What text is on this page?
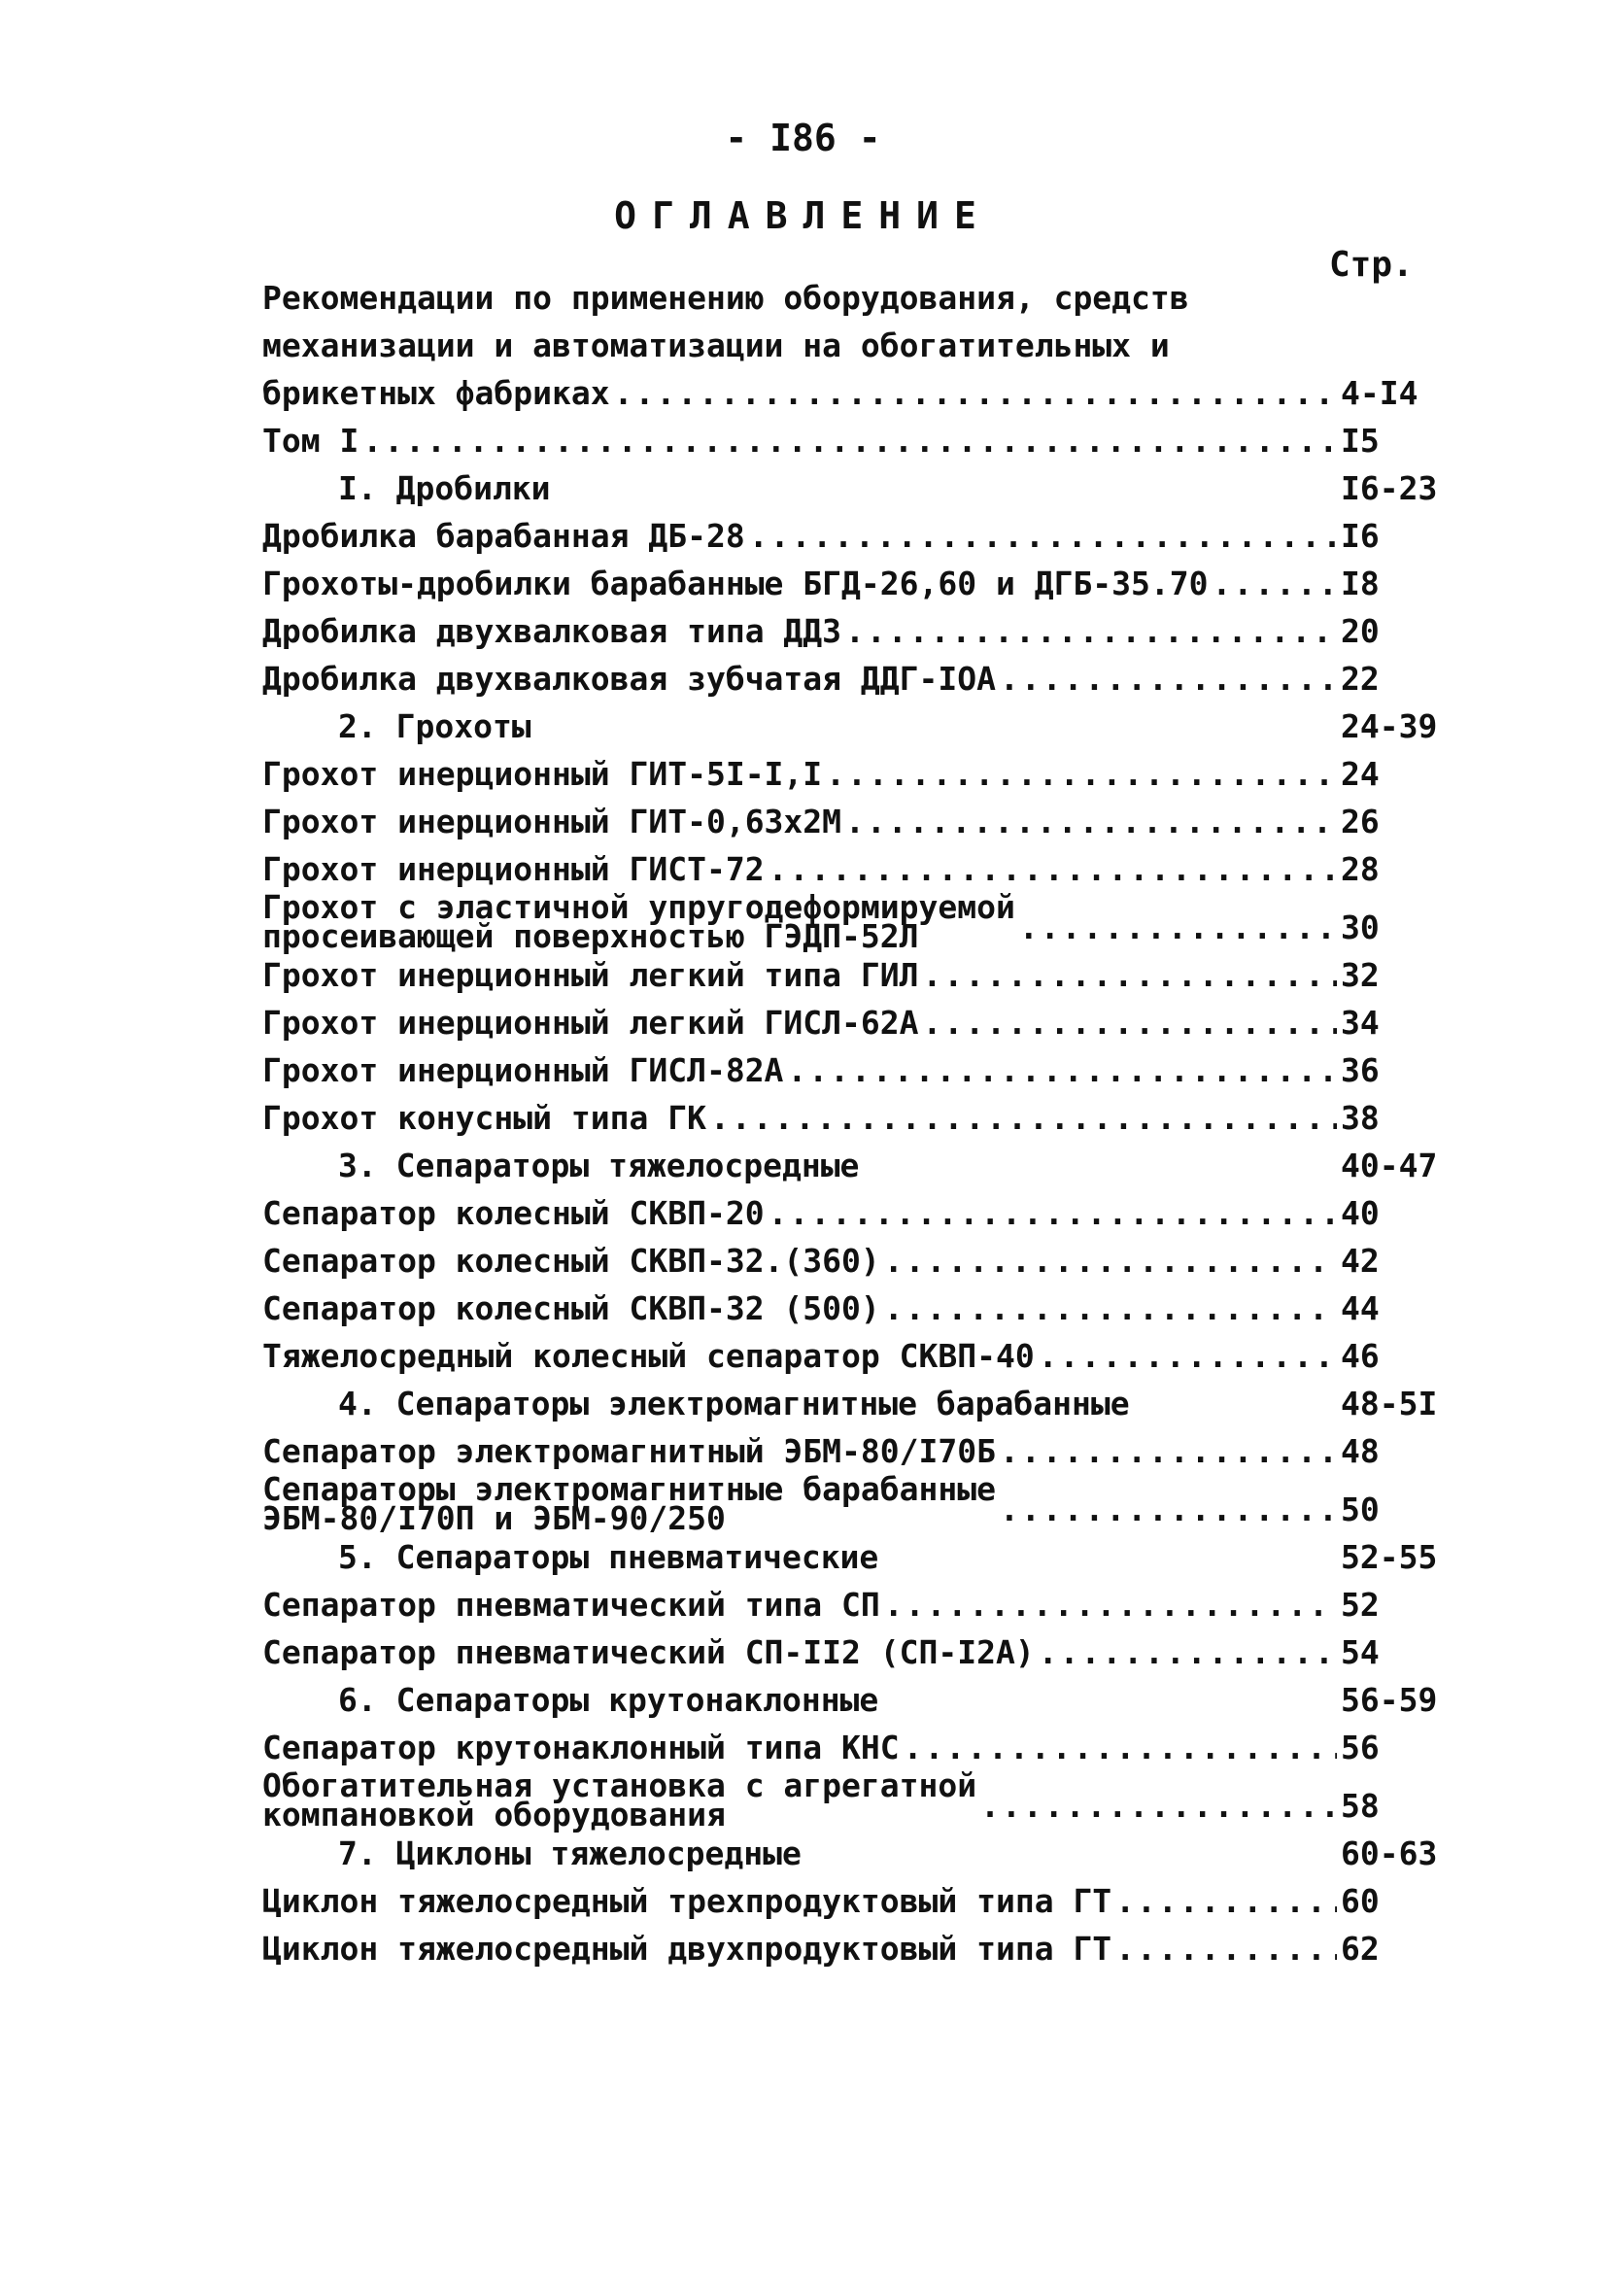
- I86 -
ОГЛАВЛЕНИЕ
Стр.
Рекомендации по применению оборудования, средств
механизации и автоматизации на обогатительных и
брикетных фабриках .....	4-I4
Том I .....	I5
I. Дробилки	I6-23
Дробилка барабанная ДБ-28 .....	I6
Грохоты-дробилки барабанные БГД-26,60 и ДГБ-35.70 .....	I8
Дробилка двухвалковая типа ДДЗ .....	20
Дробилка двухвалковая зубчатая ДДГ-IOA .....	22
2. Грохоты	24-39
Грохот инерционный ГИТ-5I-I,I .....	24
Грохот инерционный ГИТ-0,63х2М .....	26
Грохот инерционный ГИСТ-72 .....	28
Грохот с эластичной упругодеформируемой
просеивающей поверхностью ГЭДП-52Л .....	30
Грохот инерционный легкий типа ГИЛ .....	32
Грохот инерционный легкий ГИСЛ-62А .....	34
Грохот инерционный ГИСЛ-82А .....	36
Грохот конусный типа ГК .....	38
3. Сепараторы тяжелосредные	40-47
Сепаратор колесный СКВП-20 .....	40
Сепаратор колесный СКВП-32.(360) .....	42
Сепаратор колесный СКВП-32 (500) .....	44
Тяжелосредный колесный сепаратор СКВП-40 .....	46
4. Сепараторы электромагнитные барабанные	48-5I
Сепаратор электромагнитный ЭБМ-80/I70Б .....	48
Сепараторы электромагнитные барабанные
ЭБМ-80/I70П и ЭБМ-90/250 .....	50
5. Сепараторы пневматические	52-55
Сепаратор пневматический типа СП .....	52
Сепаратор пневматический СП-II2 (СП-I2А) .....	54
6. Сепараторы крутонаклонные	56-59
Сепаратор крутонаклонный типа КНС .....	56
Обогатительная установка с агрегатной
компановкой оборудования .....	58
7. Циклоны тяжелосредные	60-63
Циклон тяжелосредный трехпродуктовый типа ГТ .....	60
Циклон тяжелосредный двухпродуктовый типа ГТ .....	62
